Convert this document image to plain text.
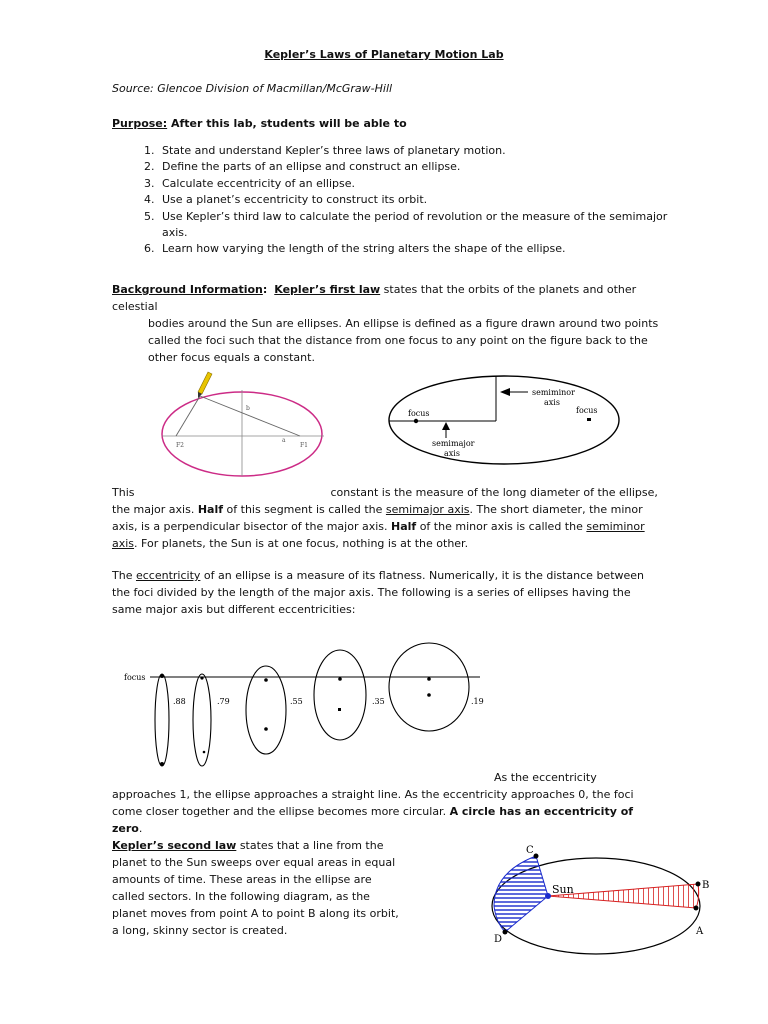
Kepler’s Laws of Planetary Motion Lab
Source: Glencoe Division of Macmillan/McGraw-Hill
Purpose: After this lab, students will be able to
1. State and understand Kepler’s three laws of planetary motion.
2. Define the parts of an ellipse and construct an ellipse.
3. Calculate eccentricity of an ellipse.
4. Use a planet’s eccentricity to construct its orbit.
5. Use Kepler’s third law to calculate the period of revolution or the measure of the semimajor axis.
6. Learn how varying the length of the string alters the shape of the ellipse.
Background Information: Kepler’s first law states that the orbits of the planets and other celestial
bodies around the Sun are ellipses. An ellipse is defined as a figure drawn around two points called the foci such that the distance from one focus to any point on the figure back to the other focus equals a constant.
F2	F1
b
a
semiminor
axis
focus	focus
semimajor
axis
This	constant is the measure of the long diameter of the ellipse, the major axis. Half of this segment is called the semimajor axis. The short diameter, the minor axis, is a perpendicular bisector of the major axis. Half of the minor axis is called the semiminor axis. For planets, the Sun is at one focus, nothing is at the other.
The eccentricity of an ellipse is a measure of its flatness. Numerically, it is the distance between the foci divided by the length of the major axis. The following is a series of ellipses having the same major axis but different eccentricities:
focus
.88	.79	.55	.35	.19
As the eccentricity approaches 1, the ellipse approaches a straight line. As the eccentricity approaches 0, the foci come closer together and the ellipse becomes more circular. A circle has an eccentricity of zero.
Kepler’s second law states that a line from the planet to the Sun sweeps over equal areas in equal amounts of time. These areas in the ellipse are called sectors. In the following diagram, as the planet moves from point A to point B along its orbit, a long, skinny sector is created.
C
Sun	B
D
A
